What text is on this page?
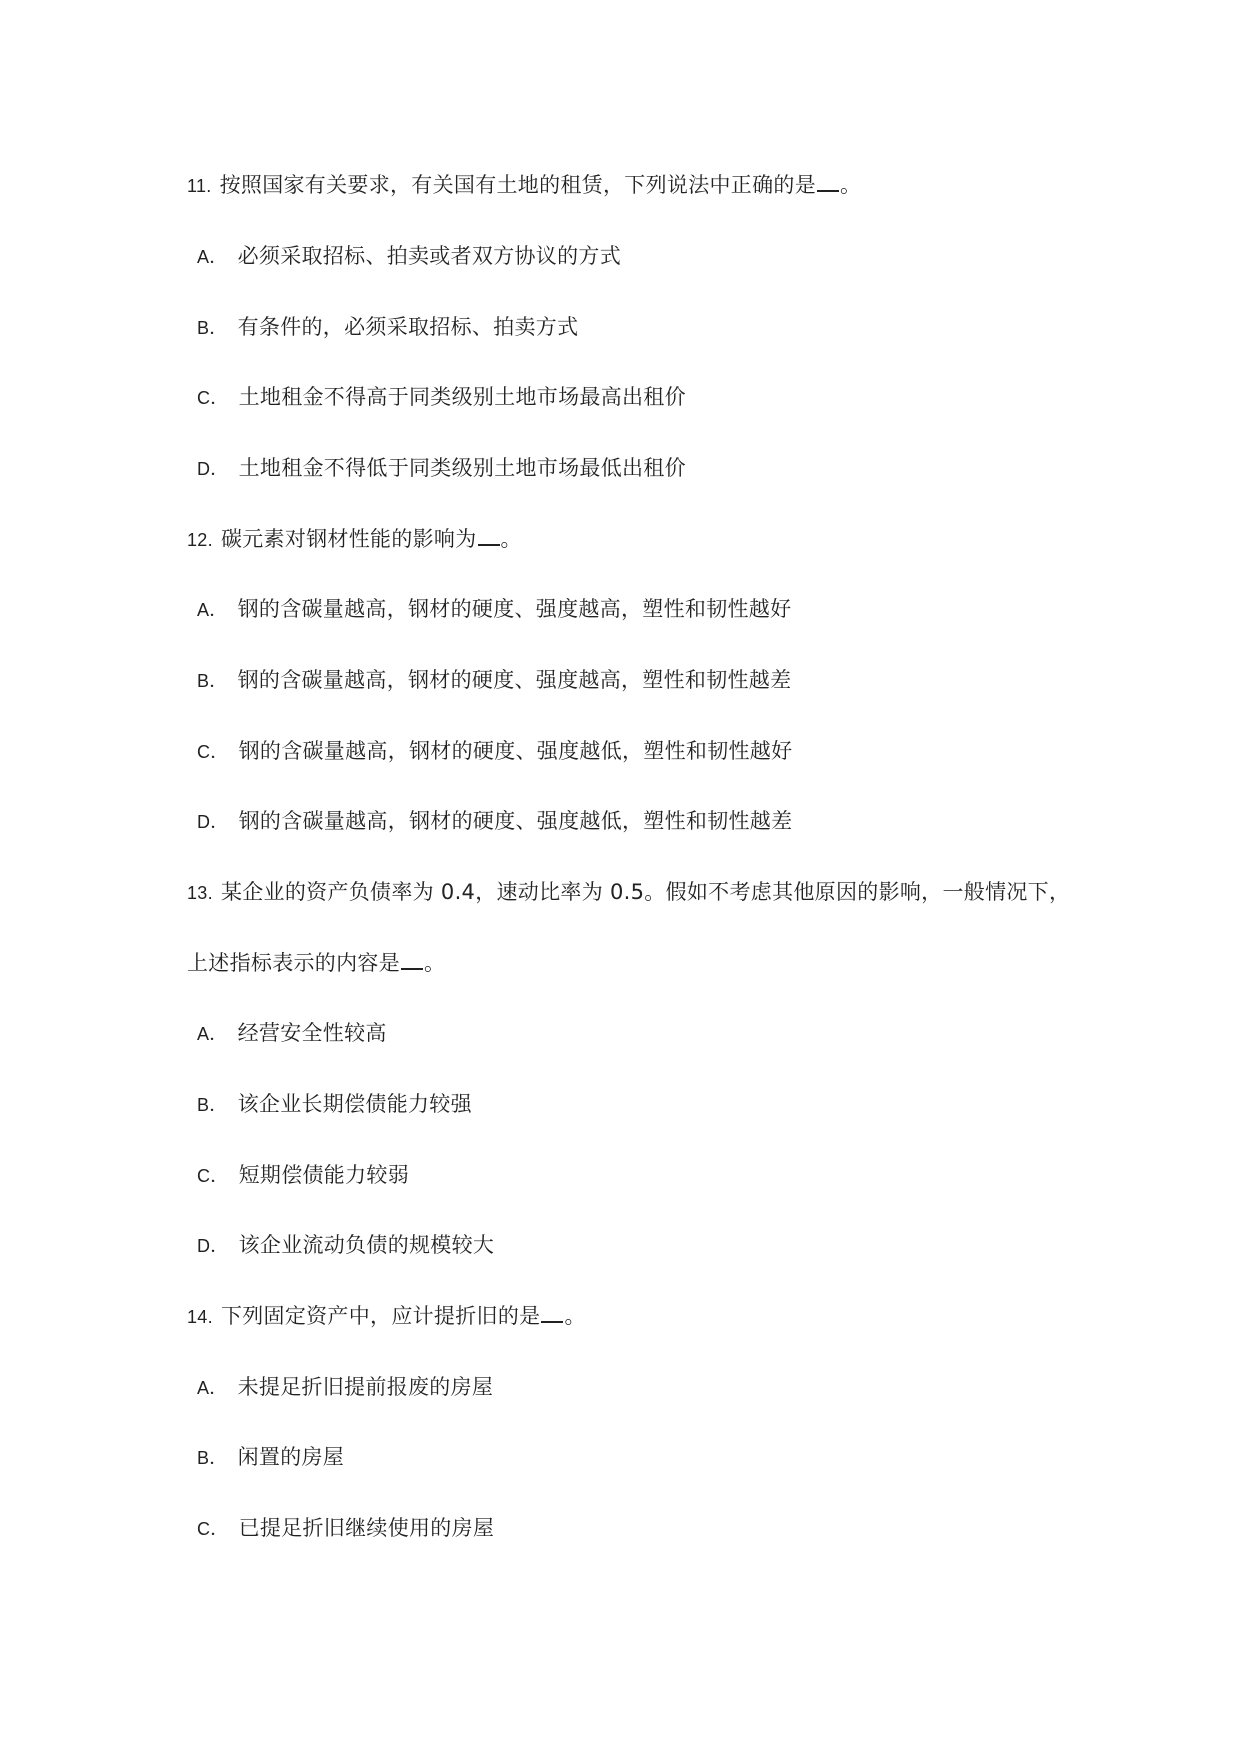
11. 按照国家有关要求，有关国有土地的租赁，下列说法中正确的是 。
A． 必须采取招标、拍卖或者双方协议的方式
B． 有条件的，必须采取招标、拍卖方式
C． 土地租金不得高于同类级别土地市场最高出租价
D． 土地租金不得低于同类级别土地市场最低出租价
12. 碳元素对钢材性能的影响为 。
A． 钢的含碳量越高，钢材的硬度、强度越高，塑性和韧性越好
B． 钢的含碳量越高，钢材的硬度、强度越高，塑性和韧性越差
C． 钢的含碳量越高，钢材的硬度、强度越低，塑性和韧性越好
D． 钢的含碳量越高，钢材的硬度、强度越低，塑性和韧性越差
13. 某企业的资产负债率为 0.4，速动比率为 0.5。假如不考虑其他原因的影响，一般情况下，
上述指标表示的内容是 。
A． 经营安全性较高
B． 该企业长期偿债能力较强
C． 短期偿债能力较弱
D． 该企业流动负债的规模较大
14. 下列固定资产中，应计提折旧的是 。
A． 未提足折旧提前报废的房屋
B． 闲置的房屋
C． 已提足折旧继续使用的房屋
